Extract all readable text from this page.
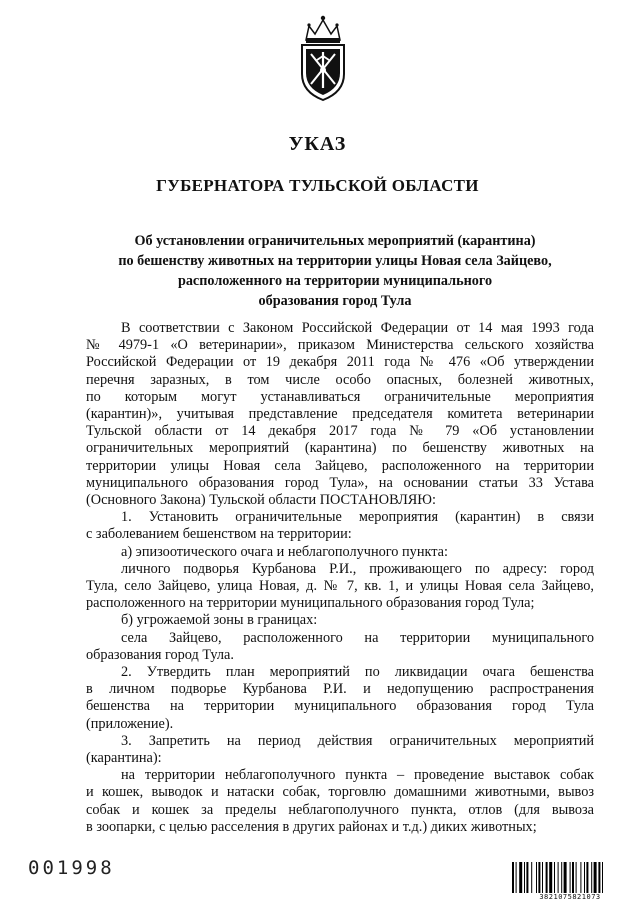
УКАЗ
ГУБЕРНАТОРА ТУЛЬСКОЙ ОБЛАСТИ
Об установлении ограничительных мероприятий (карантина)
по бешенству животных на территории улицы Новая села Зайцево,
расположенного на территории муниципального
образования город Тула
В соответствии с Законом Российской Федерации от 14 мая 1993 года
№ 4979-1 «О ветеринарии», приказом Министерства сельского хозяйства
Российской Федерации от 19 декабря 2011 года № 476 «Об утверждении
перечня заразных, в том числе особо опасных, болезней животных,
по которым могут устанавливаться ограничительные мероприятия
(карантин)», учитывая представление председателя комитета ветеринарии
Тульской области от 14 декабря 2017 года № 79 «Об установлении
ограничительных мероприятий (карантина) по бешенству животных на
территории улицы Новая села Зайцево, расположенного на территории
муниципального образования город Тула», на основании статьи 33 Устава
(Основного Закона) Тульской области ПОСТАНОВЛЯЮ:
1. Установить ограничительные мероприятия (карантин) в связи
с заболеванием бешенством на территории:
а) эпизоотического очага и неблагополучного пункта:
личного подворья Курбанова Р.И., проживающего по адресу: город
Тула, село Зайцево, улица Новая, д. № 7, кв. 1, и улицы Новая села Зайцево,
расположенного на территории муниципального образования город Тула;
б) угрожаемой зоны в границах:
села Зайцево, расположенного на территории муниципального
образования город Тула.
2. Утвердить план мероприятий по ликвидации очага бешенства
в личном подворье Курбанова Р.И. и недопущению распространения
бешенства на территории муниципального образования город Тула
(приложение).
3. Запретить на период действия ограничительных мероприятий
(карантина):
на территории неблагополучного пункта – проведение выставок собак
и кошек, выводок и натаски собак, торговлю домашними животными, вывоз
собак и кошек за пределы неблагополучного пункта, отлов (для вывоза
в зоопарки, с целью расселения в других районах и т.д.) диких животных;
001998
3821075821073
